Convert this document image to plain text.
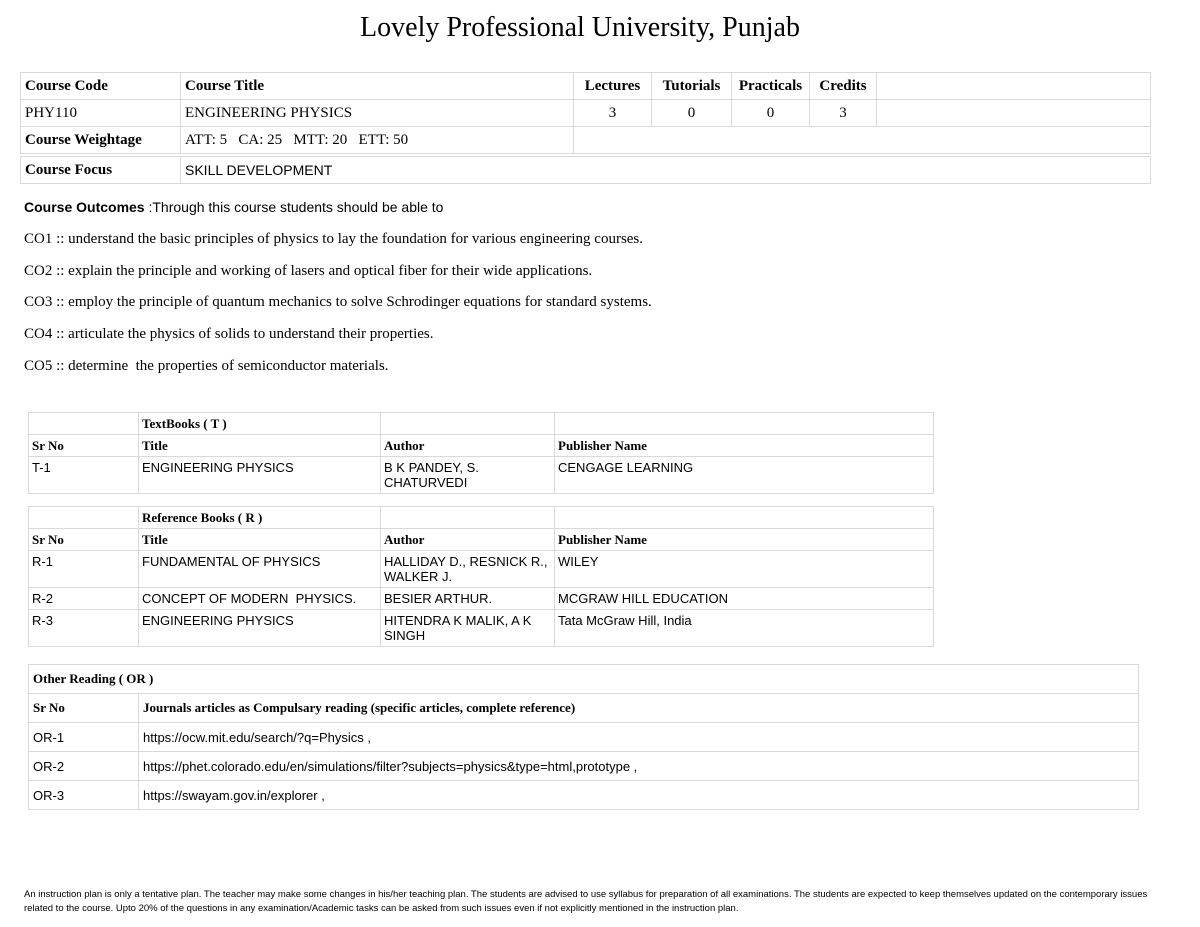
Lovely Professional University, Punjab
Course Code	Course Title	Lectures	Tutorials	Practicals	Credits	
PHY110	ENGINEERING PHYSICS	3	0	0	3	
Course Weightage	ATT: 5   CA: 25   MTT: 20   ETT: 50					

Course Focus	SKILL DEVELOPMENT					
Course Outcomes :Through this course students should be able to
CO1 :: understand the basic principles of physics to lay the foundation for various engineering courses.
CO2 :: explain the principle and working of lasers and optical fiber for their wide applications.
CO3 :: employ the principle of quantum mechanics to solve Schrodinger equations for standard systems.
CO4 :: articulate the physics of solids to understand their properties.
CO5 :: determine  the properties of semiconductor materials.
	TextBooks ( T )		
Sr No	Title	Author	Publisher Name
T-1	ENGINEERING PHYSICS	B K PANDEY, S. CHATURVEDI	CENGAGE LEARNING

	Reference Books ( R )		
Sr No	Title	Author	Publisher Name
R-1	FUNDAMENTAL OF PHYSICS	HALLIDAY D., RESNICK R., WALKER J.	WILEY
R-2	CONCEPT OF MODERN  PHYSICS.	BESIER ARTHUR.	MCGRAW HILL EDUCATION
R-3	ENGINEERING PHYSICS	HITENDRA K MALIK, A K SINGH	Tata McGraw Hill, India
Other Reading ( OR )	
Sr No	Journals articles as Compulsary reading (specific articles, complete reference)
OR-1	https://ocw.mit.edu/search/?q=Physics ,
OR-2	https://phet.colorado.edu/en/simulations/filter?subjects=physics&type=html,prototype ,
OR-3	https://swayam.gov.in/explorer ,
An instruction plan is only a tentative plan. The teacher may make some changes in his/her teaching plan. The students are advised to use syllabus for preparation of all examinations. The students are expected to keep themselves updated on the contemporary issues related to the course. Upto 20% of the questions in any examination/Academic tasks can be asked from such issues even if not explicitly mentioned in the instruction plan.
